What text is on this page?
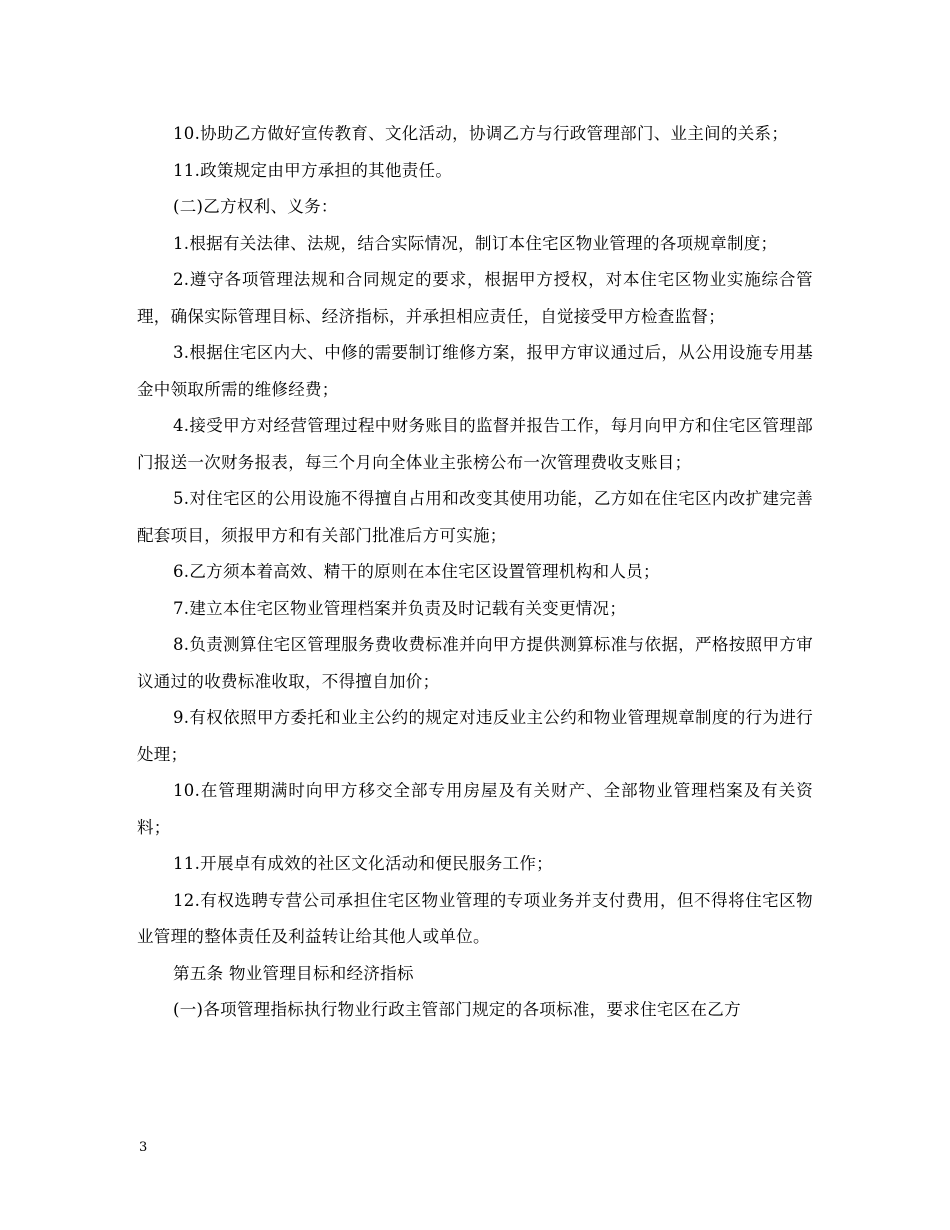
10.协助乙方做好宣传教育、文化活动，协调乙方与行政管理部门、业主间的关系；

11.政策规定由甲方承担的其他责任。

(二)乙方权利、义务：

1.根据有关法律、法规，结合实际情况，制订本住宅区物业管理的各项规章制度；

2.遵守各项管理法规和合同规定的要求，根据甲方授权，对本住宅区物业实施综合管理，确保实际管理目标、经济指标，并承担相应责任，自觉接受甲方检查监督；

3.根据住宅区内大、中修的需要制订维修方案，报甲方审议通过后，从公用设施专用基金中领取所需的维修经费；

4.接受甲方对经营管理过程中财务账目的监督并报告工作，每月向甲方和住宅区管理部门报送一次财务报表，每三个月向全体业主张榜公布一次管理费收支账目；

5.对住宅区的公用设施不得擅自占用和改变其使用功能，乙方如在住宅区内改扩建完善配套项目，须报甲方和有关部门批准后方可实施；

6.乙方须本着高效、精干的原则在本住宅区设置管理机构和人员；

7.建立本住宅区物业管理档案并负责及时记载有关变更情况；

8.负责测算住宅区管理服务费收费标准并向甲方提供测算标准与依据，严格按照甲方审议通过的收费标准收取，不得擅自加价；

9.有权依照甲方委托和业主公约的规定对违反业主公约和物业管理规章制度的行为进行处理；

10.在管理期满时向甲方移交全部专用房屋及有关财产、全部物业管理档案及有关资料；

11.开展卓有成效的社区文化活动和便民服务工作；

12.有权选聘专营公司承担住宅区物业管理的专项业务并支付费用，但不得将住宅区物业管理的整体责任及利益转让给其他人或单位。

第五条 物业管理目标和经济指标

(一)各项管理指标执行物业行政主管部门规定的各项标准，要求住宅区在乙方

3
